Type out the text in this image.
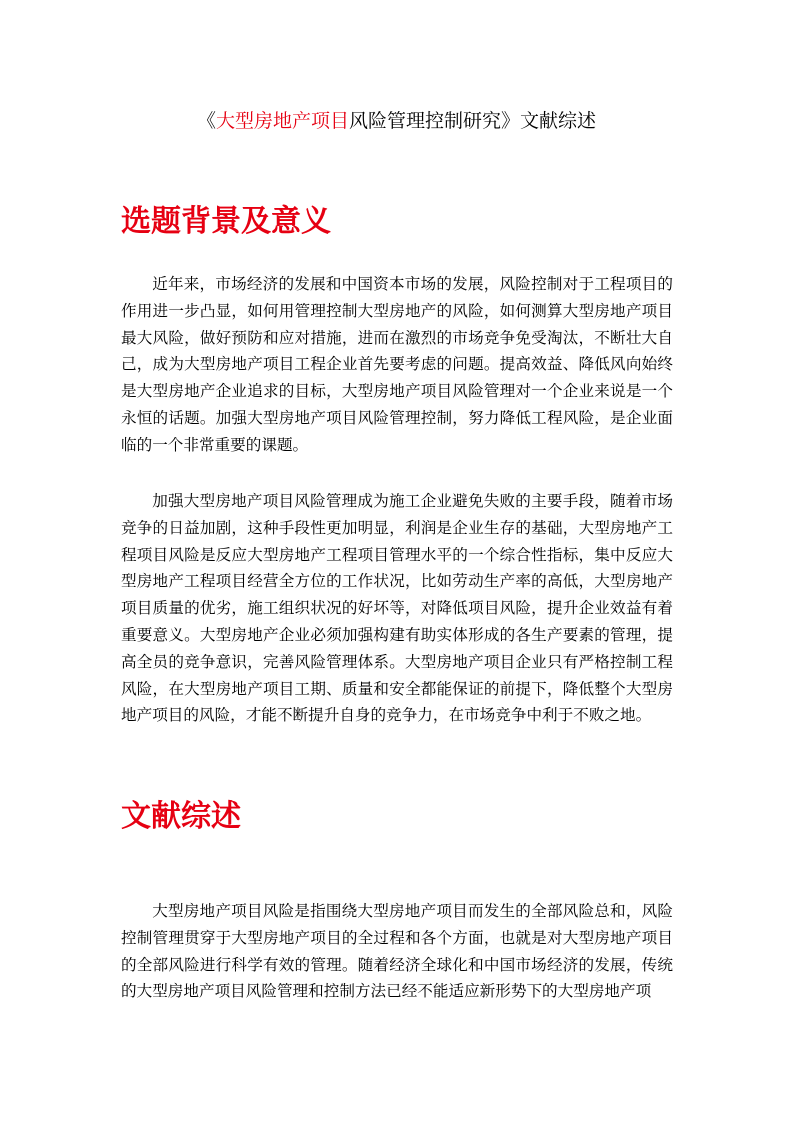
《大型房地产项目风险管理控制研究》文献综述
选题背景及意义

近年来，市场经济的发展和中国资本市场的发展，风险控制对于工程项目的作用进一步凸显，如何用管理控制大型房地产的风险，如何测算大型房地产项目最大风险，做好预防和应对措施，进而在激烈的市场竞争免受淘汰，不断壮大自己，成为大型房地产项目工程企业首先要考虑的问题。提高效益、降低风向始终是大型房地产企业追求的目标，大型房地产项目风险管理对一个企业来说是一个永恒的话题。加强大型房地产项目风险管理控制，努力降低工程风险，是企业面临的一个非常重要的课题。

加强大型房地产项目风险管理成为施工企业避免失败的主要手段，随着市场竞争的日益加剧，这种手段性更加明显，利润是企业生存的基础，大型房地产工程项目风险是反应大型房地产工程项目管理水平的一个综合性指标，集中反应大型房地产工程项目经营全方位的工作状况，比如劳动生产率的高低，大型房地产项目质量的优劣，施工组织状况的好坏等，对降低项目风险，提升企业效益有着重要意义。大型房地产企业必须加强构建有助实体形成的各生产要素的管理，提高全员的竞争意识，完善风险管理体系。大型房地产项目企业只有严格控制工程风险，在大型房地产项目工期、质量和安全都能保证的前提下，降低整个大型房地产项目的风险，才能不断提升自身的竞争力，在市场竞争中利于不败之地。

文献综述

大型房地产项目风险是指围绕大型房地产项目而发生的全部风险总和，风险控制管理贯穿于大型房地产项目的全过程和各个方面，也就是对大型房地产项目的全部风险进行科学有效的管理。随着经济全球化和中国市场经济的发展，传统的大型房地产项目风险管理和控制方法已经不能适应新形势下的大型房地产项
